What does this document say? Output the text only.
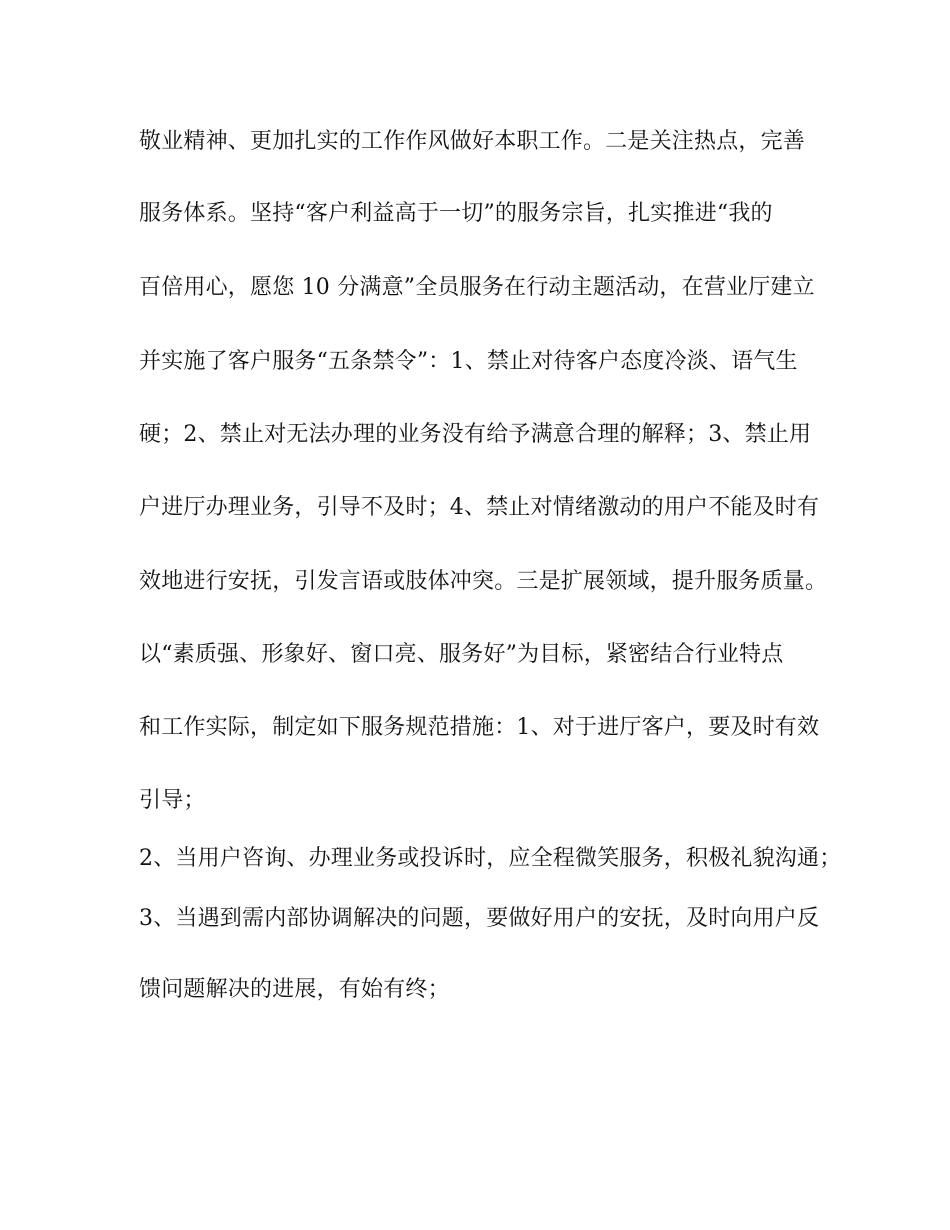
敬业精神、更加扎实的工作作风做好本职工作。二是关注热点，完善
服务体系。坚持“客户利益高于一切”的服务宗旨，扎实推进“我的
百倍用心，愿您 10 分满意”全员服务在行动主题活动，在营业厅建立
并实施了客户服务“五条禁令”：1、禁止对待客户态度冷淡、语气生
硬；2、禁止对无法办理的业务没有给予满意合理的解释；3、禁止用
户进厅办理业务，引导不及时；4、禁止对情绪激动的用户不能及时有
效地进行安抚，引发言语或肢体冲突。三是扩展领域，提升服务质量。
以“素质强、形象好、窗口亮、服务好”为目标，紧密结合行业特点
和工作实际，制定如下服务规范措施：1、对于进厅客户，要及时有效
引导；
2、当用户咨询、办理业务或投诉时，应全程微笑服务，积极礼貌沟通；
3、当遇到需内部协调解决的问题，要做好用户的安抚，及时向用户反
馈问题解决的进展，有始有终；
